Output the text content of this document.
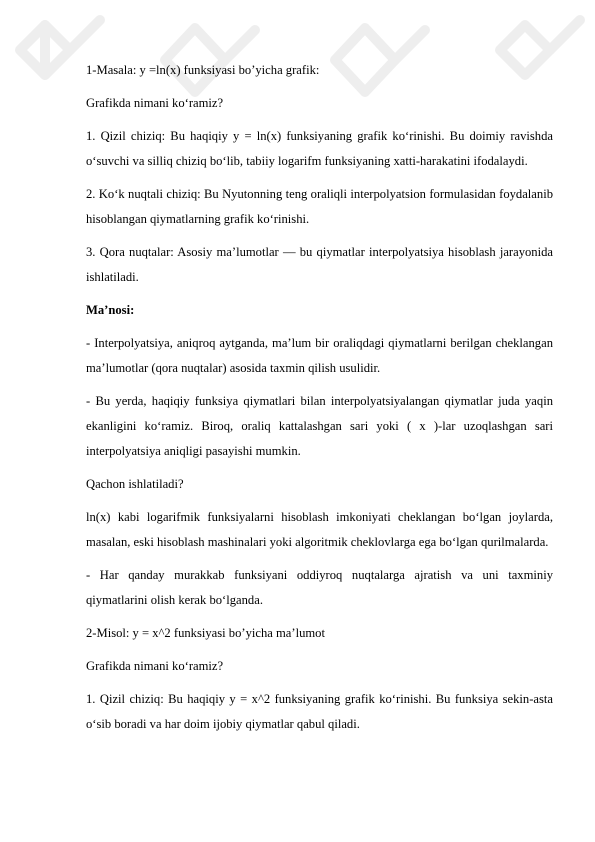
1-Masala: y =ln(x) funksiyasi bo’yicha grafik:

Grafikda nimani ko‘ramiz?

1. Qizil chiziq: Bu haqiqiy y = ln(x) funksiyaning grafik ko‘rinishi. Bu doimiy ravishda o‘suvchi va silliq chiziq bo‘lib, tabiiy logarifm funksiyaning xatti-harakatini ifodalaydi.

2. Ko‘k nuqtali chiziq: Bu Nyutonning teng oraliqli interpolyatsion formulasidan foydalanib hisoblangan qiymatlarning grafik ko‘rinishi.

3. Qora nuqtalar: Asosiy ma’lumotlar — bu qiymatlar interpolyatsiya hisoblash jarayonida ishlatiladi.

Ma’nosi:

- Interpolyatsiya, aniqroq aytganda, ma’lum bir oraliqdagi qiymatlarni berilgan cheklangan ma’lumotlar (qora nuqtalar) asosida taxmin qilish usulidir.

- Bu yerda, haqiqiy funksiya qiymatlari bilan interpolyatsiyalangan qiymatlar juda yaqin ekanligini ko‘ramiz. Biroq, oraliq kattalashgan sari yoki ( x )-lar uzoqlashgan sari interpolyatsiya aniqligi pasayishi mumkin.

Qachon ishlatiladi?

ln(x) kabi logarifmik funksiyalarni hisoblash imkoniyati cheklangan bo‘lgan joylarda, masalan, eski hisoblash mashinalari yoki algoritmik cheklovlarga ega bo‘lgan qurilmalarda.

- Har qanday murakkab funksiyani oddiyroq nuqtalarga ajratish va uni taxminiy qiymatlarini olish kerak bo‘lganda.

2-Misol: y = x^2 funksiyasi bo’yicha ma’lumot

Grafikda nimani ko‘ramiz?

1. Qizil chiziq: Bu haqiqiy y = x^2 funksiyaning grafik ko‘rinishi. Bu funksiya sekin-asta o‘sib boradi va har doim ijobiy qiymatlar qabul qiladi.
